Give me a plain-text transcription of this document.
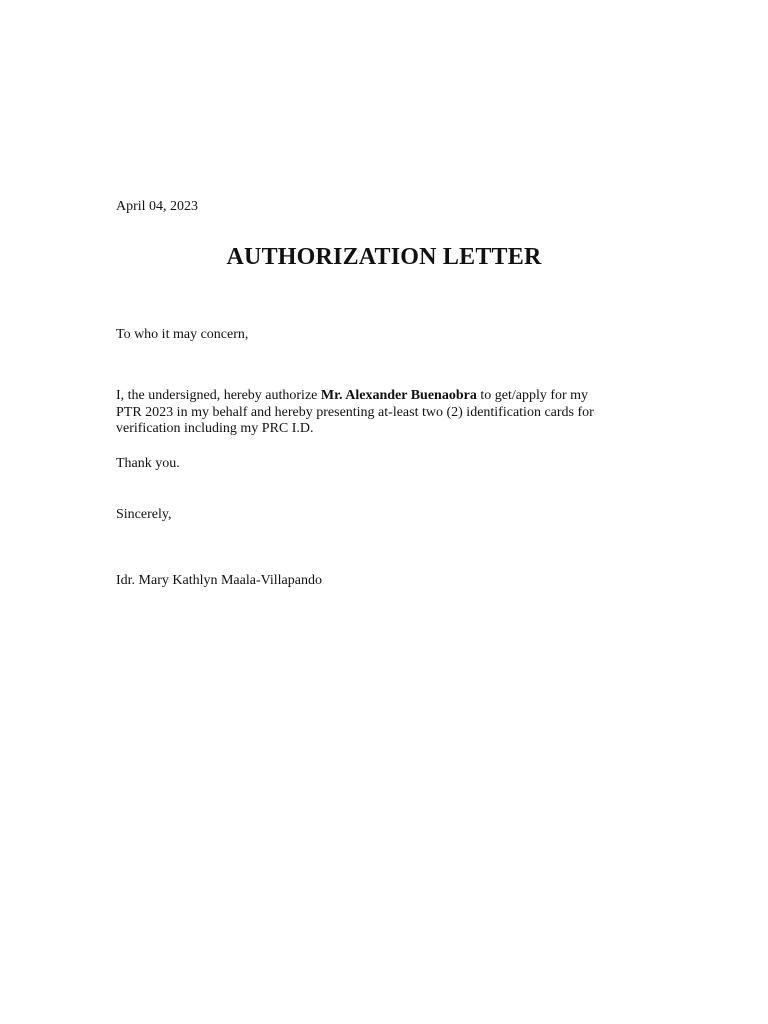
April 04, 2023

AUTHORIZATION LETTER

To who it may concern,

I, the undersigned, hereby authorize Mr. Alexander Buenaobra to get/apply for my
PTR 2023 in my behalf and hereby presenting at-least two (2) identification cards for
verification including my PRC I.D.

Thank you.

Sincerely,

Idr. Mary Kathlyn Maala-Villapando
